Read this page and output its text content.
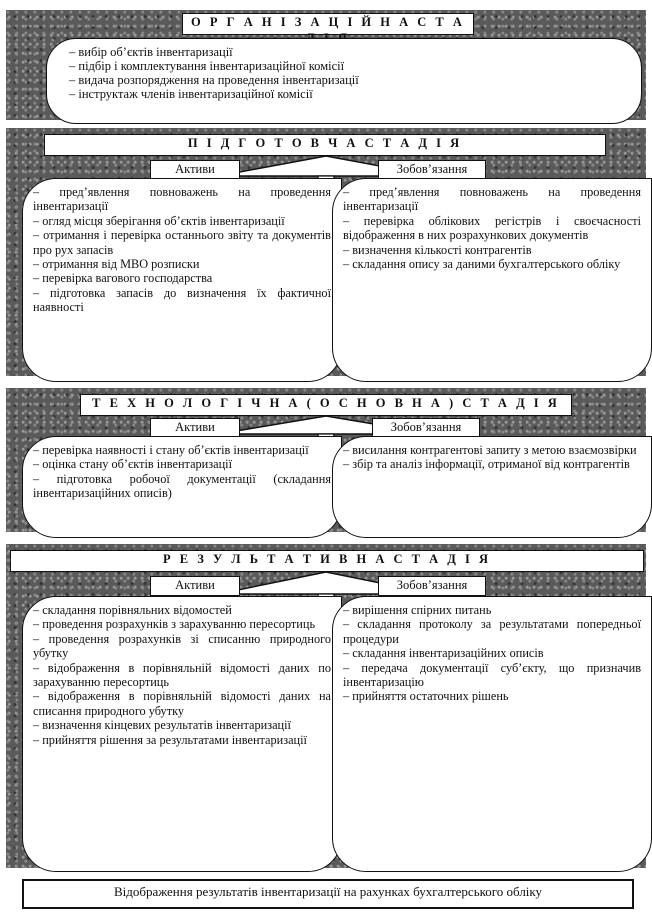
О Р Г А Н І З А Ц І Й Н А С Т А

– вибір об’єктів інвентаризації

– підбір і комплектування інвентаризаційної комісії

– видача розпорядження на проведення інвентаризації

– інструктаж членів інвентаризаційної комісії

П І Д Г О Т О В Ч А С Т А Д І Я
Активи	Зобов’язання

– пред’явлення повноважень на проведення інвентаризації

– огляд місця зберігання об’єктів інвентаризації

– отримання і перевірка останнього звіту та документів про рух запасів

– отримання від МВО розписки

– перевірка вагового господарства

– підготовка запасів до визначення їх фактичної наявності

– пред’явлення повноважень на проведення інвентаризації

– перевірка облікових регістрів і своєчасності відображення в них розрахункових документів

– визначення кількості контрагентів

– складання опису за даними бухгалтерського обліку

Т Е Х Н О Л О Г І Ч Н А ( О С Н О В Н А ) С Т А Д І Я
Активи	Зобов’язання

– перевірка наявності і стану об’єктів інвентаризації

– оцінка стану об’єктів інвентаризації

– підготовка робочої документації (складання інвентаризаційних описів)

– висилання контрагентові запиту з метою взаємозвірки

– збір та аналіз інформації, отриманої від контрагентів

Р Е З У Л Ь Т А Т И В Н А С Т А Д І Я
Активи	Зобов’язання

– складання порівняльних відомостей

– проведення розрахунків з зарахуванню пересортиць

– проведення розрахунків зі списанню природного убутку

– відображення в порівняльній відомості даних по зарахуванню пересортиць

– відображення в порівняльній відомості даних на списання природного убутку

– визначення кінцевих результатів інвентаризації

– прийняття рішення за результатами інвентаризації

– вирішення спірних питань

– складання протоколу за результатами попередньої процедури

– складання інвентаризаційних описів

– передача документації суб’єкту, що призначив інвентаризацію

– прийняття остаточних рішень

Відображення результатів інвентаризації на рахунках бухгалтерського обліку
